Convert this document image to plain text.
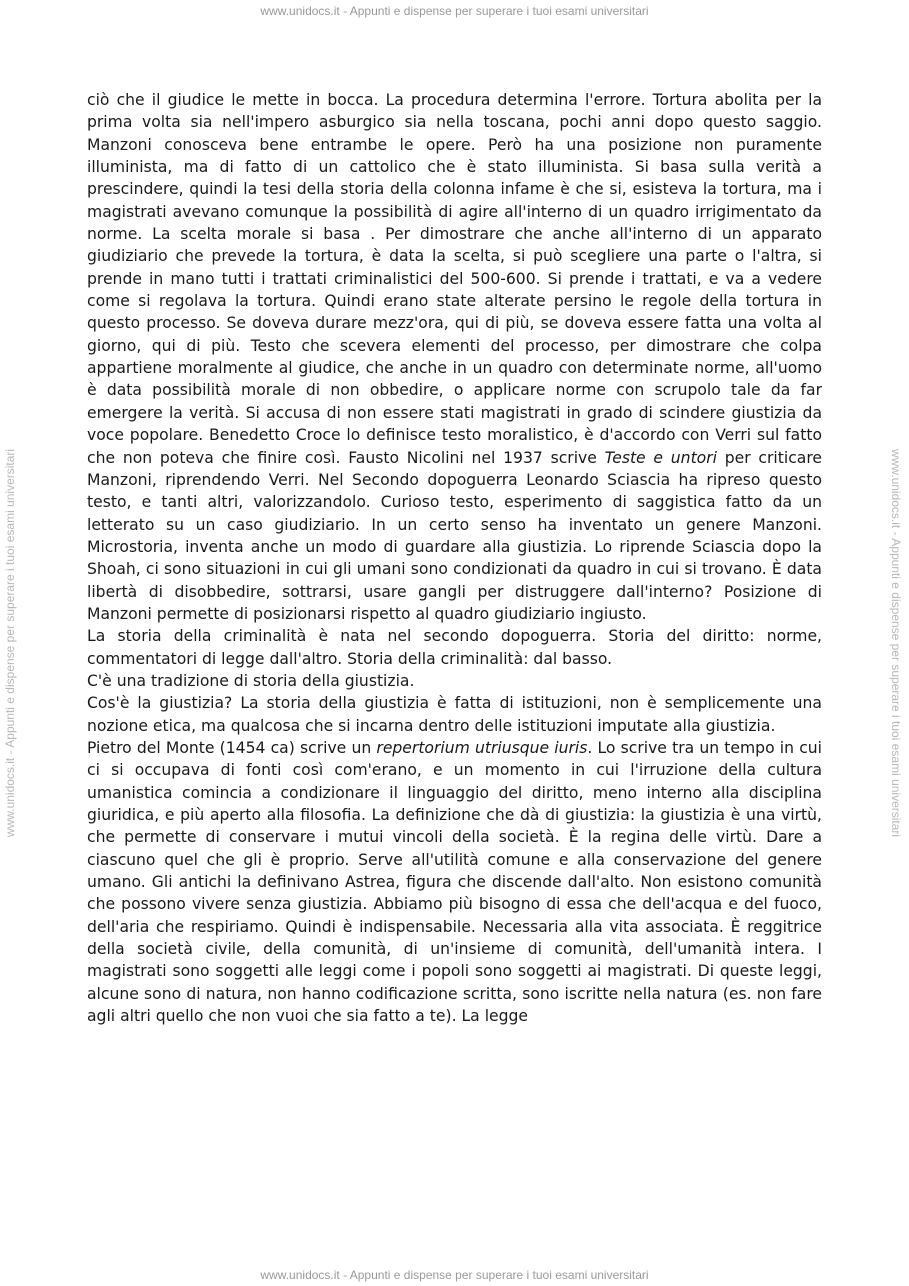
www.unidocs.it - Appunti e dispense per superare i tuoi esami universitari
www.unidocs.it - Appunti e dispense per superare i tuoi esami universitari	www.unidocs.it - Appunti e dispense per superare i tuoi esami universitari

ciò che il giudice le mette in bocca. La procedura determina l'errore. Tortura abolita per la prima volta sia nell'impero asburgico sia nella toscana, pochi anni dopo questo saggio. Manzoni conosceva bene entrambe le opere. Però ha una posizione non puramente illuminista, ma di fatto di un cattolico che è stato illuminista. Si basa sulla verità a prescindere, quindi la tesi della storia della colonna infame è che si, esisteva la tortura, ma i magistrati avevano comunque la possibilità di agire all'interno di un quadro irrigimentato da norme. La scelta morale si basa . Per dimostrare che anche all'interno di un apparato giudiziario che prevede la tortura, è data la scelta, si può scegliere una parte o l'altra, si prende in mano tutti i trattati criminalistici del 500-600. Si prende i trattati, e va a vedere come si regolava la tortura. Quindi erano state alterate persino le regole della tortura in questo processo. Se doveva durare mezz'ora, qui di più, se doveva essere fatta una volta al giorno, qui di più. Testo che scevera elementi del processo, per dimostrare che colpa appartiene moralmente al giudice, che anche in un quadro con determinate norme, all'uomo è data possibilità morale di non obbedire, o applicare norme con scrupolo tale da far emergere la verità. Si accusa di non essere stati magistrati in grado di scindere giustizia da voce popolare. Benedetto Croce lo definisce testo moralistico, è d'accordo con Verri sul fatto che non poteva che finire così. Fausto Nicolini nel 1937 scrive Teste e untori per criticare Manzoni, riprendendo Verri. Nel Secondo dopoguerra Leonardo Sciascia ha ripreso questo testo, e tanti altri, valorizzandolo. Curioso testo, esperimento di saggistica fatto da un letterato su un caso giudiziario. In un certo senso ha inventato un genere Manzoni. Microstoria, inventa anche un modo di guardare alla giustizia. Lo riprende Sciascia dopo la Shoah, ci sono situazioni in cui gli umani sono condizionati da quadro in cui si trovano. È data libertà di disobbedire, sottrarsi, usare gangli per distruggere dall'interno? Posizione di Manzoni permette di posizionarsi rispetto al quadro giudiziario ingiusto.

La storia della criminalità è nata nel secondo dopoguerra. Storia del diritto: norme, commentatori di legge dall'altro. Storia della criminalità: dal basso.

C'è una tradizione di storia della giustizia.

Cos'è la giustizia? La storia della giustizia è fatta di istituzioni, non è semplicemente una nozione etica, ma qualcosa che si incarna dentro delle istituzioni imputate alla giustizia.

Pietro del Monte (1454 ca) scrive un repertorium utriusque iuris. Lo scrive tra un tempo in cui ci si occupava di fonti così com'erano, e un momento in cui l'irruzione della cultura umanistica comincia a condizionare il linguaggio del diritto, meno interno alla disciplina giuridica, e più aperto alla filosofia. La definizione che dà di giustizia: la giustizia è una virtù, che permette di conservare i mutui vincoli della società. È la regina delle virtù. Dare a ciascuno quel che gli è proprio. Serve all'utilità comune e alla conservazione del genere umano. Gli antichi la definivano Astrea, figura che discende dall'alto. Non esistono comunità che possono vivere senza giustizia. Abbiamo più bisogno di essa che dell'acqua e del fuoco, dell'aria che respiriamo. Quindi è indispensabile. Necessaria alla vita associata. È reggitrice della società civile, della comunità, di un'insieme di comunità, dell'umanità intera. I magistrati sono soggetti alle leggi come i popoli sono soggetti ai magistrati. Di queste leggi, alcune sono di natura, non hanno codificazione scritta, sono iscritte nella natura (es. non fare agli altri quello che non vuoi che sia fatto a te). La legge

www.unidocs.it - Appunti e dispense per superare i tuoi esami universitari
